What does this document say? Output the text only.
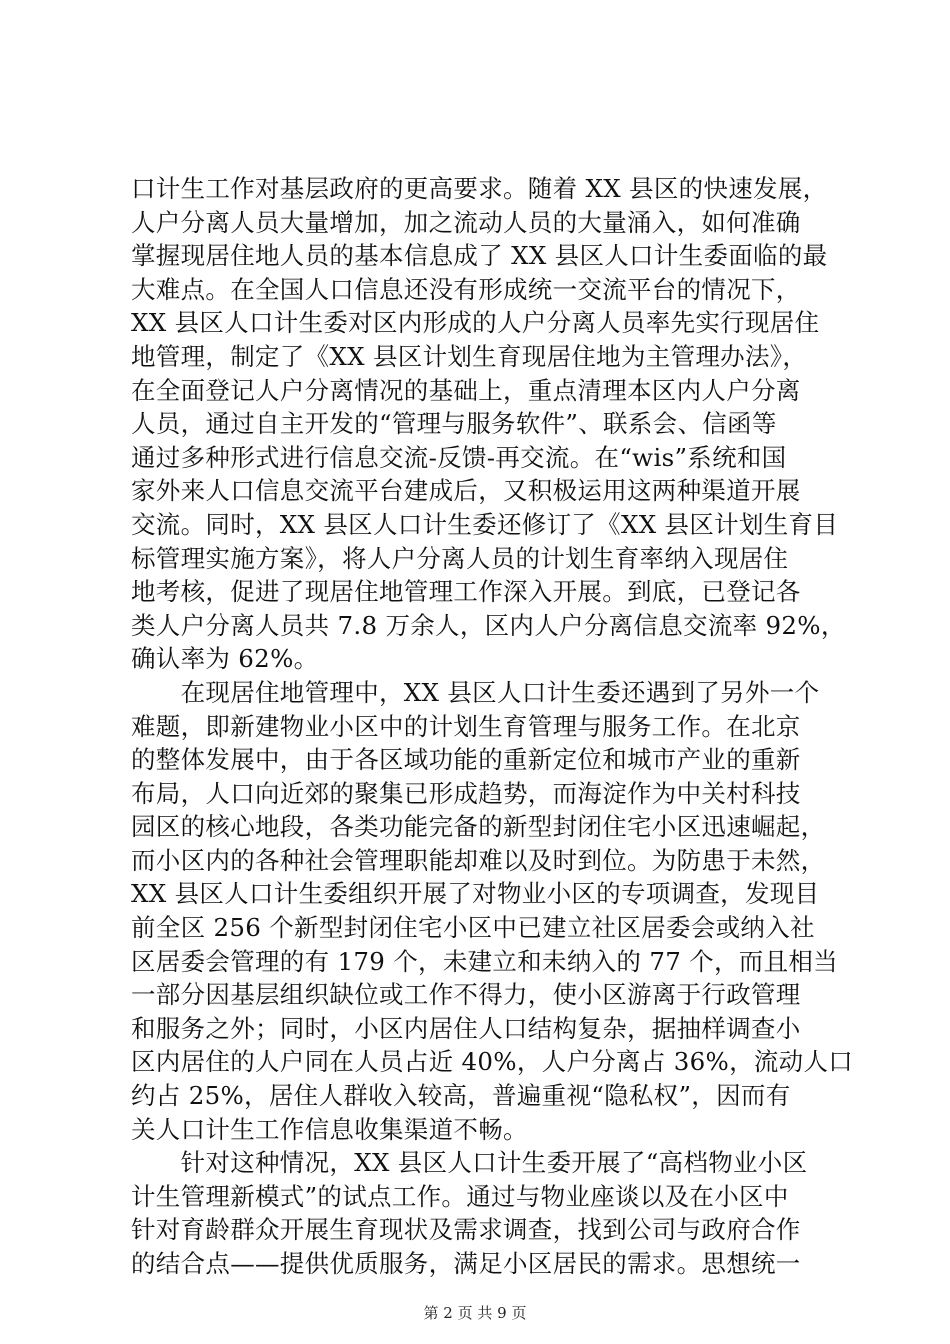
口计生工作对基层政府的更高要求。随着 XX 县区的快速发展，
人户分离人员大量增加，加之流动人员的大量涌入，如何准确
掌握现居住地人员的基本信息成了 XX 县区人口计生委面临的最
大难点。在全国人口信息还没有形成统一交流平台的情况下，
XX 县区人口计生委对区内形成的人户分离人员率先实行现居住
地管理，制定了《XX 县区计划生育现居住地为主管理办法》，
在全面登记人户分离情况的基础上，重点清理本区内人户分离
人员，通过自主开发的“管理与服务软件”、联系会、信函等
通过多种形式进行信息交流-反馈-再交流。在“wis”系统和国
家外来人口信息交流平台建成后，又积极运用这两种渠道开展
交流。同时，XX 县区人口计生委还修订了《XX 县区计划生育目
标管理实施方案》，将人户分离人员的计划生育率纳入现居住
地考核，促进了现居住地管理工作深入开展。到底，已登记各
类人户分离人员共 7.8 万余人，区内人户分离信息交流率 92%，
确认率为 62%。
　　在现居住地管理中，XX 县区人口计生委还遇到了另外一个
难题，即新建物业小区中的计划生育管理与服务工作。在北京
的整体发展中，由于各区域功能的重新定位和城市产业的重新
布局，人口向近郊的聚集已形成趋势，而海淀作为中关村科技
园区的核心地段，各类功能完备的新型封闭住宅小区迅速崛起，
而小区内的各种社会管理职能却难以及时到位。为防患于未然，
XX 县区人口计生委组织开展了对物业小区的专项调查，发现目
前全区 256 个新型封闭住宅小区中已建立社区居委会或纳入社
区居委会管理的有 179 个，未建立和未纳入的 77 个，而且相当
一部分因基层组织缺位或工作不得力，使小区游离于行政管理
和服务之外；同时，小区内居住人口结构复杂，据抽样调查小
区内居住的人户同在人员占近 40%，人户分离占 36%，流动人口
约占 25%，居住人群收入较高，普遍重视“隐私权”，因而有
关人口计生工作信息收集渠道不畅。
　　针对这种情况，XX 县区人口计生委开展了“高档物业小区
计生管理新模式”的试点工作。通过与物业座谈以及在小区中
针对育龄群众开展生育现状及需求调查，找到公司与政府合作
的结合点——提供优质服务，满足小区居民的需求。思想统一
第 2 页 共 9 页
